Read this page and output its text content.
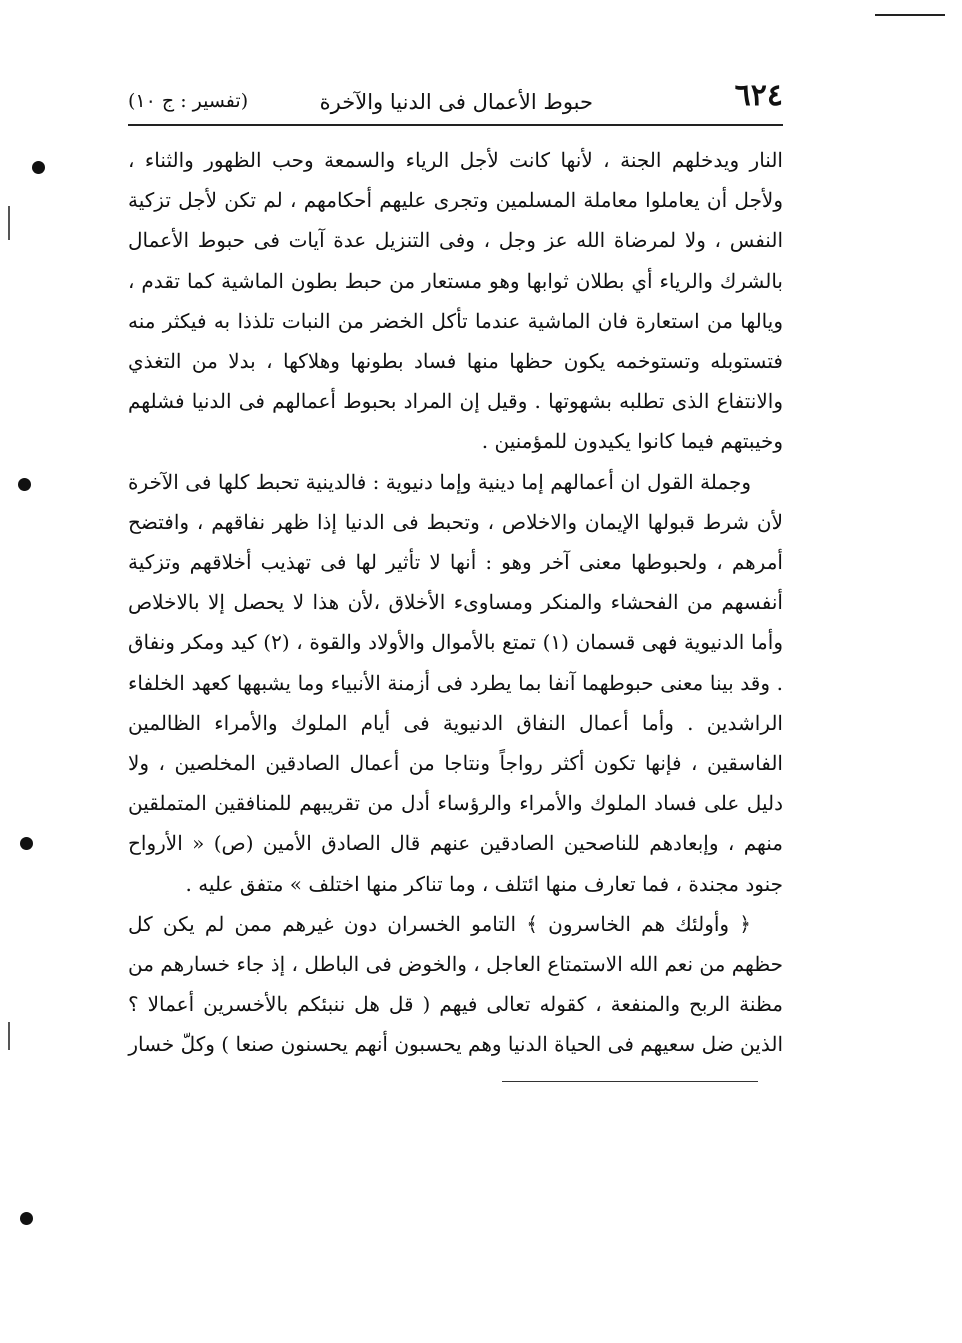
٦٢٤
حبوط الأعمال فى الدنيا والآخرة
(تفسير : ج ١٠)

النار ويدخلهم الجنة ، لأنها كانت لأجل الرياء والسمعة وحب الظهور والثناء ، ولأجل أن يعاملوا معاملة المسلمين وتجرى عليهم أحكامهم ، لم تكن لأجل تزكية النفس ، ولا لمرضاة الله عز وجل ، وفى التنزيل عدة آيات فى حبوط الأعمال بالشرك والرياء أي بطلان ثوابها وهو مستعار من حبط بطون الماشية كما تقدم ، ويالها من استعارة فان الماشية عندما تأكل الخضر من النبات تلذذا به فيكثر منه فتستوبله وتستوخمه يكون حظها منها فساد بطونها وهلاكها ، بدلا من التغذي والانتفاع الذى تطلبه بشهوتها . وقيل إن المراد بحبوط أعمالهم فى الدنيا فشلهم وخيبتهم فيما كانوا يكيدون للمؤمنين .

وجملة القول ان أعمالهم إما دينية وإما دنيوية : فالدينية تحبط كلها فى الآخرة لأن شرط قبولها الإيمان والاخلاص ، وتحبط فى الدنيا إذا ظهر نفاقهم ، وافتضح أمرهم ، ولحبوطها معنى آخر وهو : أنها لا تأثير لها فى تهذيب أخلاقهم وتزكية أنفسهم من الفحشاء والمنكر ومساوىء الأخلاق ،لأن هذا لا يحصل إلا بالاخلاص وأما الدنيوية فهى قسمان (١) تمتع بالأموال والأولاد والقوة ، (٢) كيد ومكر ونفاق . وقد بينا معنى حبوطهما آنفا بما يطرد فى أزمنة الأنبياء وما يشبهها كعهد الخلفاء الراشدين . وأما أعمال النفاق الدنيوية فى أيام الملوك والأمراء الظالمين الفاسقين ، فإنها تكون أكثر رواجاً ونتاجا من أعمال الصادقين المخلصين ، ولا دليل على فساد الملوك والأمراء والرؤساء أدل من تقريبهم للمنافقين المتملقين منهم ، وإبعادهم للناصحين الصادقين عنهم قال الصادق الأمين (ص) « الأرواح جنود مجندة ، فما تعارف منها ائتلف ، وما تناكر منها اختلف » متفق عليه .

﴿ وأولئك هم الخاسرون ﴾ التامو الخسران دون غيرهم ممن لم يكن كل حظهم من نعم الله الاستمتاع العاجل ، والخوض فى الباطل ، إذ جاء خسارهم من مظنة الربح والمنفعة ، كقوله تعالى فيهم ( قل هل ننبئكم بالأخسرين أعمالا ؟ الذين ضل سعيهم فى الحياة الدنيا وهم يحسبون أنهم يحسنون صنعا ) وكلّ خسار
